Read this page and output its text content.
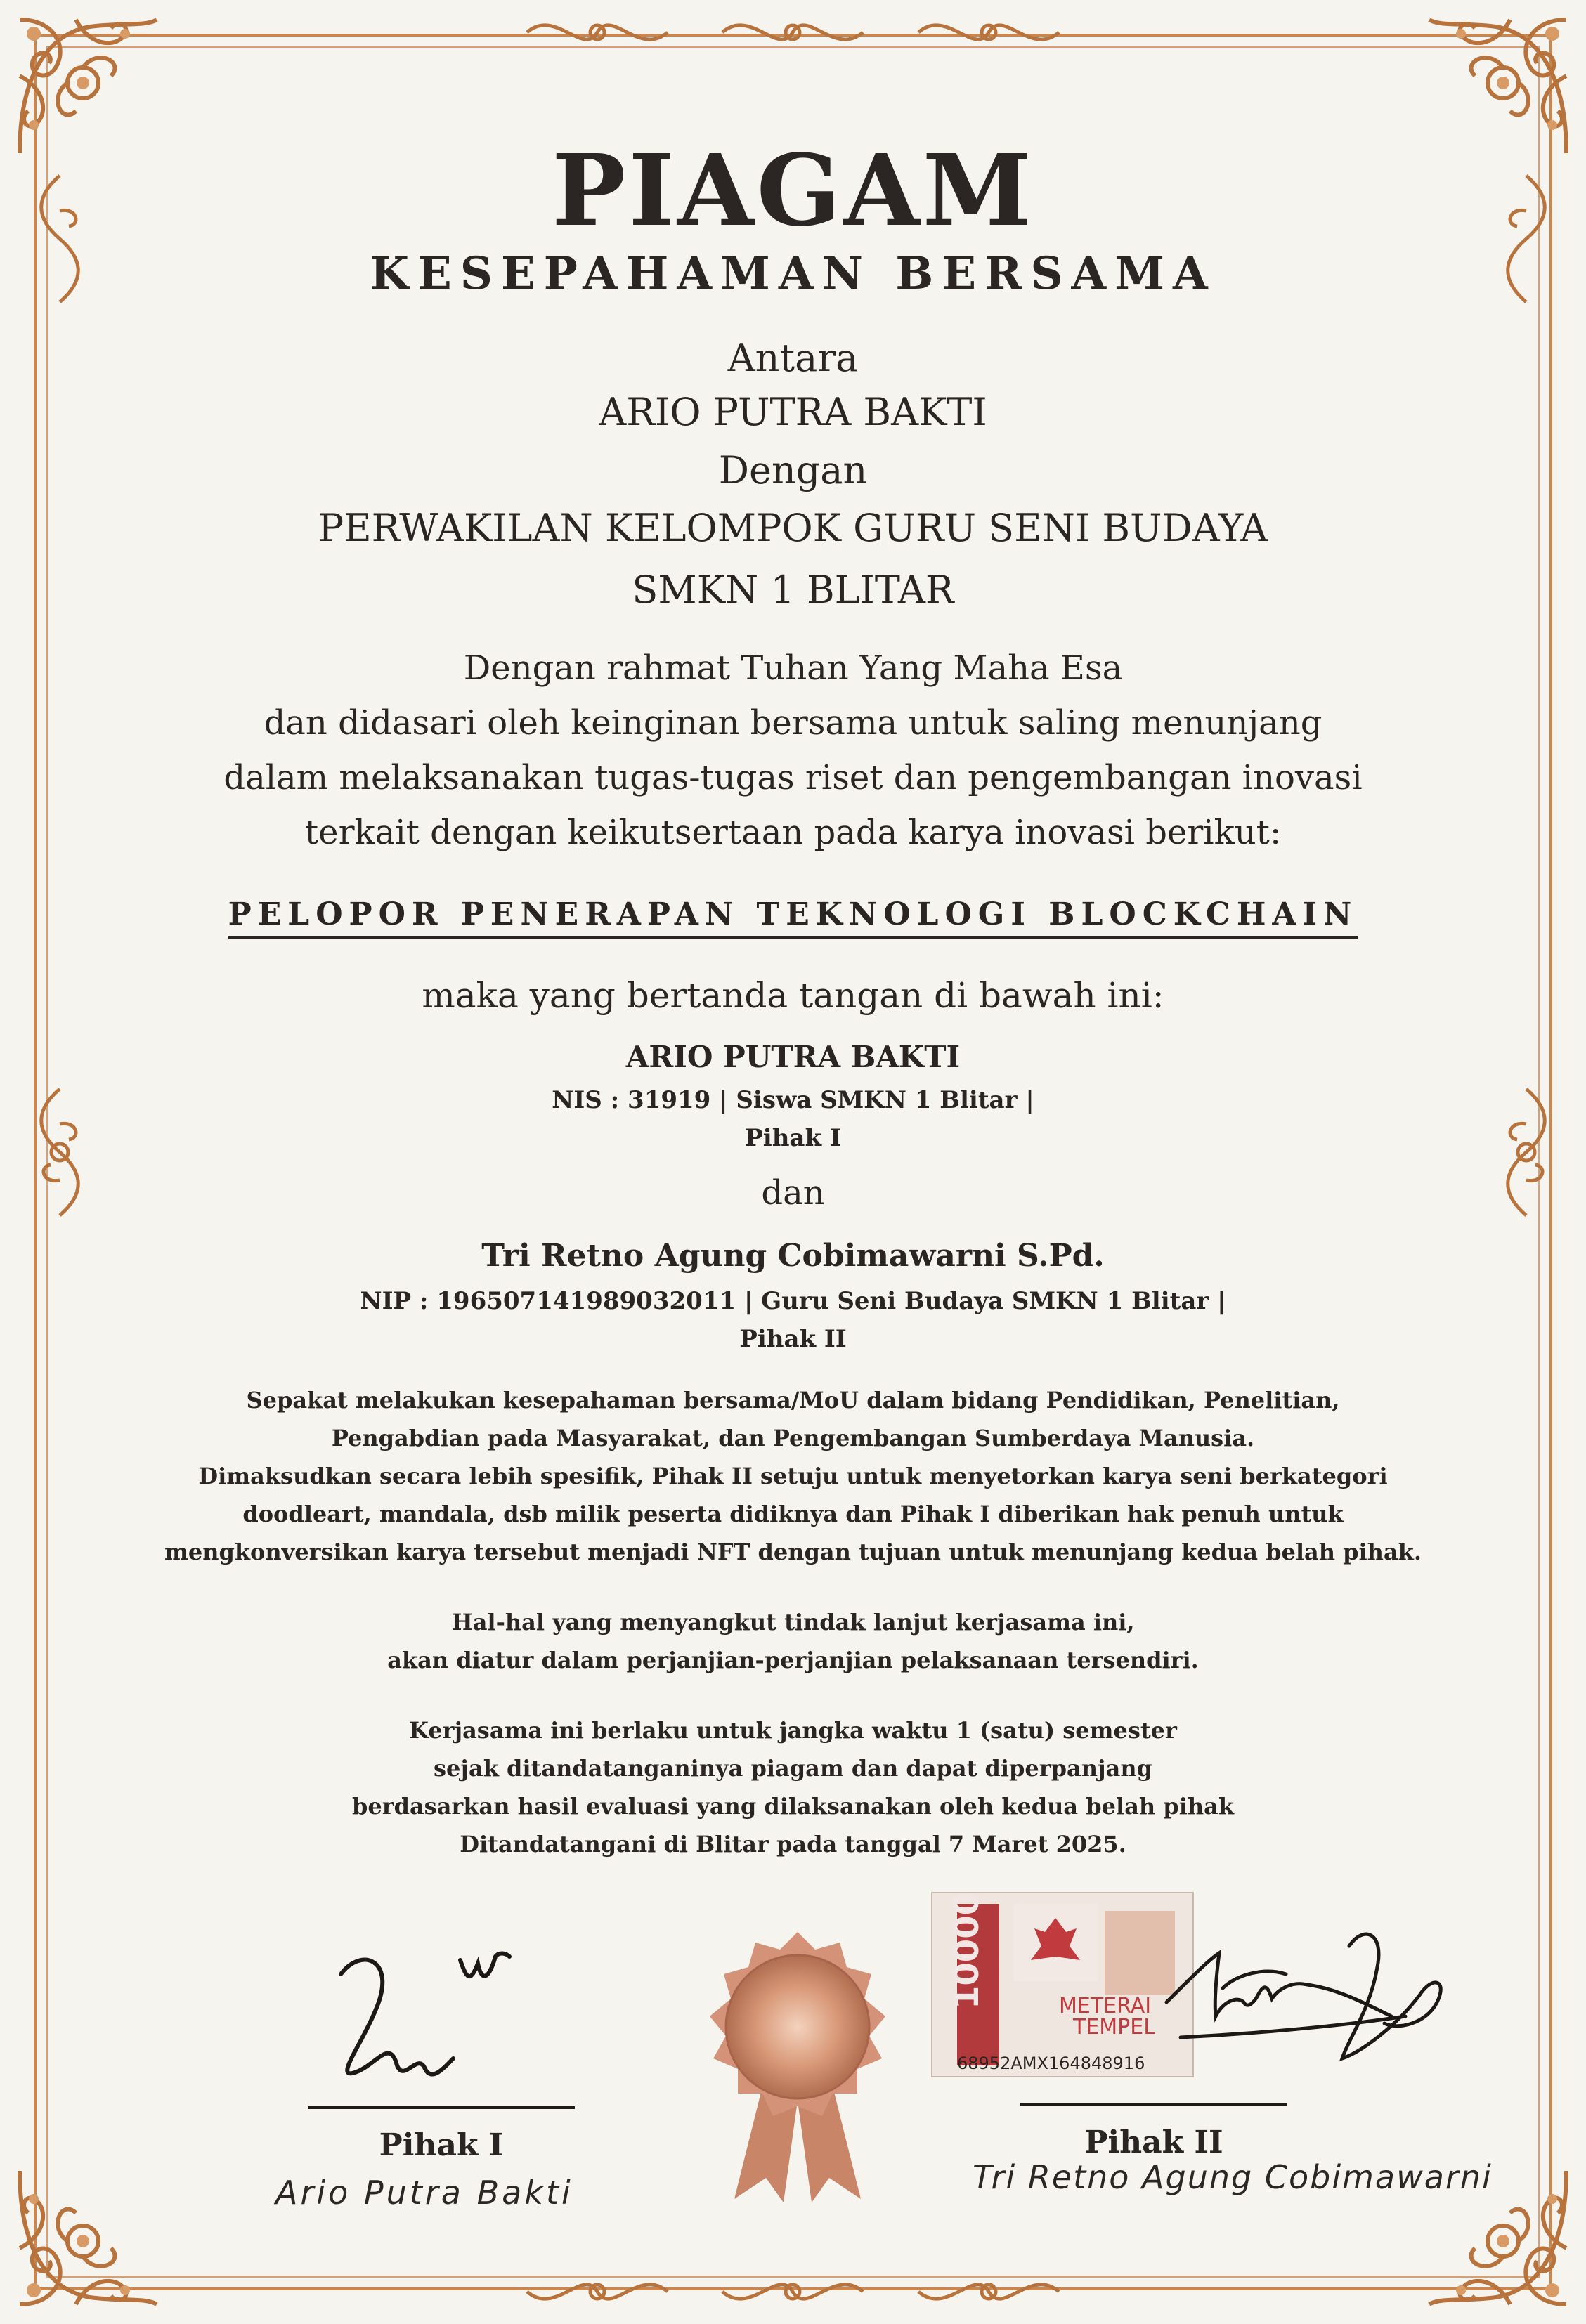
PIAGAM
KESEPAHAMAN BERSAMA
Antara
ARIO PUTRA BAKTI
Dengan
PERWAKILAN KELOMPOK GURU SENI BUDAYA
SMKN 1 BLITAR
Dengan rahmat Tuhan Yang Maha Esa
dan didasari oleh keinginan bersama untuk saling menunjang
dalam melaksanakan tugas-tugas riset dan pengembangan inovasi
terkait dengan keikutsertaan pada karya inovasi berikut:
PELOPOR PENERAPAN TEKNOLOGI BLOCKCHAIN
maka yang bertanda tangan di bawah ini:
ARIO PUTRA BAKTI
NIS : 31919 | Siswa SMKN 1 Blitar |
Pihak I
dan
Tri Retno Agung Cobimawarni S.Pd.
NIP : 196507141989032011 | Guru Seni Budaya SMKN 1 Blitar |
Pihak II
Sepakat melakukan kesepahaman bersama/MoU dalam bidang Pendidikan, Penelitian,
Pengabdian pada Masyarakat, dan Pengembangan Sumberdaya Manusia.
Dimaksudkan secara lebih spesifik, Pihak II setuju untuk menyetorkan karya seni berkategori
doodleart, mandala, dsb milik peserta didiknya dan Pihak I diberikan hak penuh untuk
mengkonversikan karya tersebut menjadi NFT dengan tujuan untuk menunjang kedua belah pihak.
Hal-hal yang menyangkut tindak lanjut kerjasama ini,
akan diatur dalam perjanjian-perjanjian pelaksanaan tersendiri.
Kerjasama ini berlaku untuk jangka waktu 1 (satu) semester
sejak ditandatanganinya piagam dan dapat diperpanjang
berdasarkan hasil evaluasi yang dilaksanakan oleh kedua belah pihak
Ditandatangani di Blitar pada tanggal 7 Maret 2025.
10000	METERAI
TEMPEL
68952AMX164848916
Pihak I	Pihak II
Ario Putra Bakti	Tri Retno Agung Cobimawarni
